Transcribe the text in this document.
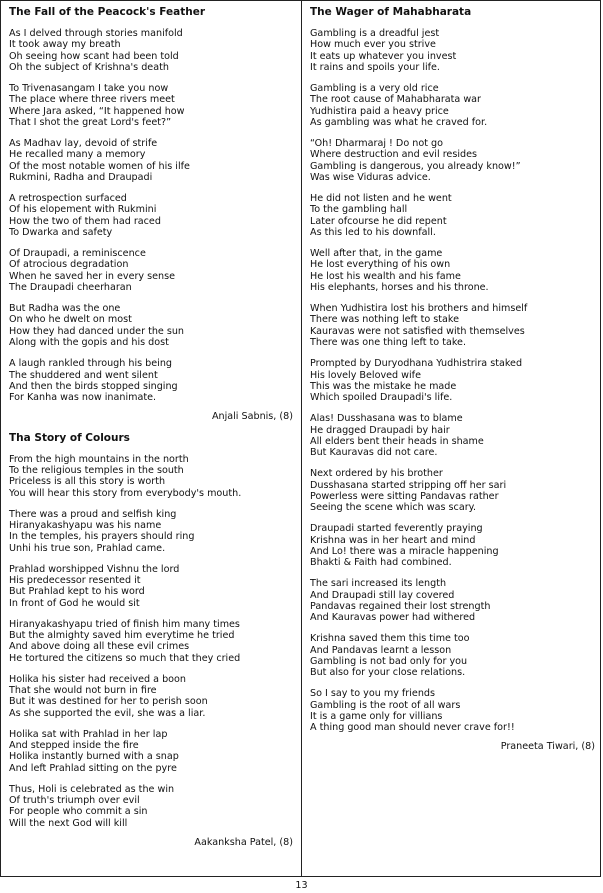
The Fall of the Peacock's Feather
As I delved through stories manifold
It took away my breath
Oh seeing how scant had been told
Oh the subject of Krishna's death
To Trivenasangam I take you now
The place where three rivers meet
Where Jara asked, “It happened how
That I shot the great Lord's feet?”
As Madhav lay, devoid of strife
He recalled many a memory
Of the most notable women of his ilfe
Rukmini, Radha and Draupadi
A retrospection surfaced
Of his elopement with Rukmini
How the two of them had raced
To Dwarka and safety
Of Draupadi, a reminiscence
Of atrocious degradation
When he saved her in every sense
The Draupadi cheerharan
But Radha was the one
On who he dwelt on most
How they had danced under the sun
Along with the gopis and his dost
A laugh rankled through his being
The shuddered and went silent
And then the birds stopped singing
For Kanha was now inanimate.
Anjali Sabnis, (8)
Tha Story of Colours
From the high mountains in the north
To the religious temples in the south
Priceless is all this story is worth
You will hear this story from everybody's mouth.
There was a proud and selfish king
Hiranyakashyapu was his name
In the temples, his prayers should ring
Unhi his true son, Prahlad came.
Prahlad worshipped Vishnu the lord
His predecessor resented it
But Prahlad kept to his word
In front of God he would sit
Hiranyakashyapu tried of finish him many times
But the almighty saved him everytime he tried
And above doing all these evil crimes
He tortured the citizens so much that they cried
Holika his sister had received a boon
That she would not burn in fire
But it was destined for her to perish soon
As she supported the evil, she was a liar.
Holika sat with Prahlad in her lap
And stepped inside the fire
Holika instantly burned with a snap
And left Prahlad sitting on the pyre
Thus, Holi is celebrated as the win
Of truth's triumph over evil
For people who commit a sin
Will the next God will kill
Aakanksha Patel, (8)
The Wager of Mahabharata
Gambling is a dreadful jest
How much ever you strive
It eats up whatever you invest
It rains and spoils your life.
Gambling is a very old rice
The root cause of Mahabharata war
Yudhistira paid a heavy price
As gambling was what he craved for.
“Oh! Dharmaraj ! Do not go
Where destruction and evil resides
Gambling is dangerous, you already know!”
Was wise Viduras advice.
He did not listen and he went
To the gambling hall
Later ofcourse he did repent
As this led to his downfall.
Well after that, in the game
He lost everything of his own
He lost his wealth and his fame
His elephants, horses and his throne.
When Yudhistira lost his brothers and himself
There was nothing left to stake
Kauravas were not satisfied with themselves
There was one thing left to take.
Prompted by Duryodhana Yudhistrira staked
His lovely Beloved wife
This was the mistake he made
Which spoiled Draupadi's life.
Alas! Dusshasana was to blame
He dragged Draupadi by hair
All elders bent their heads in shame
But Kauravas did not care.
Next ordered by his brother
Dusshasana started stripping off her sari
Powerless were sitting Pandavas rather
Seeing the scene which was scary.
Draupadi started feverently praying
Krishna was in her heart and mind
And Lo! there was a miracle happening
Bhakti & Faith had combined.
The sari increased its length
And Draupadi still lay covered
Pandavas regained their lost strength
And Kauravas power had withered
Krishna saved them this time too
And Pandavas learnt a lesson
Gambling is not bad only for you
But also for your close relations.
So I say to you my friends
Gambling is the root of all wars
It is a game only for villians
A thing good man should never crave for!!
Praneeta Tiwari, (8)
13
